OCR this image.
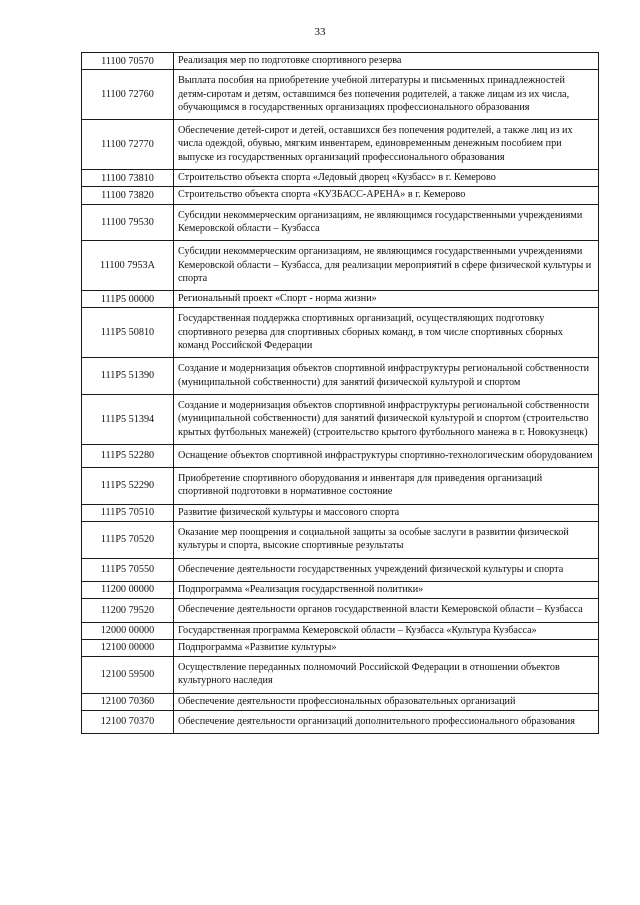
33
11100 70570	Реализация мер по подготовке спортивного резерва
11100 72760	Выплата пособия на приобретение учебной литературы и письменных принадлежностей детям-сиротам и детям, оставшимся без попечения родителей, а также лицам из их числа, обучающимся в государственных организациях профессионального образования
11100 72770	Обеспечение детей-сирот и детей, оставшихся без попечения родителей, а также лиц из их числа одеждой, обувью, мягким инвентарем, единовременным денежным пособием при выпуске из государственных организаций профессионального образования
11100 73810	Строительство объекта спорта «Ледовый дворец «Кузбасс» в г. Кемерово
11100 73820	Строительство объекта спорта «КУЗБАСС-АРЕНА» в г. Кемерово
11100 79530	Субсидии некоммерческим организациям, не являющимся государственными учреждениями Кемеровской области – Кузбасса
11100 7953А	Субсидии некоммерческим организациям, не являющимся государственными учреждениями Кемеровской области – Кузбасса, для реализации мероприятий в сфере физической культуры и спорта
111Р5 00000	Региональный проект «Спорт - норма жизни»
111Р5 50810	Государственная поддержка спортивных организаций, осуществляющих подготовку спортивного резерва для спортивных сборных команд, в том числе спортивных сборных команд Российской Федерации
111Р5 51390	Создание и модернизация объектов спортивной инфраструктуры региональной собственности (муниципальной собственности) для занятий физической культурой и спортом
111Р5 51394	Создание и модернизация объектов спортивной инфраструктуры региональной собственности (муниципальной собственности) для занятий физической культурой и спортом (строительство крытых футбольных манежей) (строительство крытого футбольного манежа в г. Новокузнецк)
111Р5 52280	Оснащение объектов спортивной инфраструктуры спортивно-технологическим оборудованием
111Р5 52290	Приобретение спортивного оборудования и инвентаря для приведения организаций спортивной подготовки в нормативное состояние
111Р5 70510	Развитие физической культуры и массового спорта
111Р5 70520	Оказание мер поощрения и социальной защиты за особые заслуги в развитии физической культуры и спорта, высокие спортивные результаты
111Р5 70550	Обеспечение деятельности государственных учреждений физической культуры и спорта
11200 00000	Подпрограмма «Реализация государственной политики»
11200 79520	Обеспечение деятельности органов государственной власти Кемеровской области – Кузбасса
12000 00000	Государственная программа Кемеровской области – Кузбасса «Культура Кузбасса»
12100 00000	Подпрограмма «Развитие культуры»
12100 59500	Осуществление переданных полномочий Российской Федерации в отношении объектов культурного наследия
12100 70360	Обеспечение деятельности профессиональных образовательных организаций
12100 70370	Обеспечение деятельности организаций дополнительного профессионального образования
